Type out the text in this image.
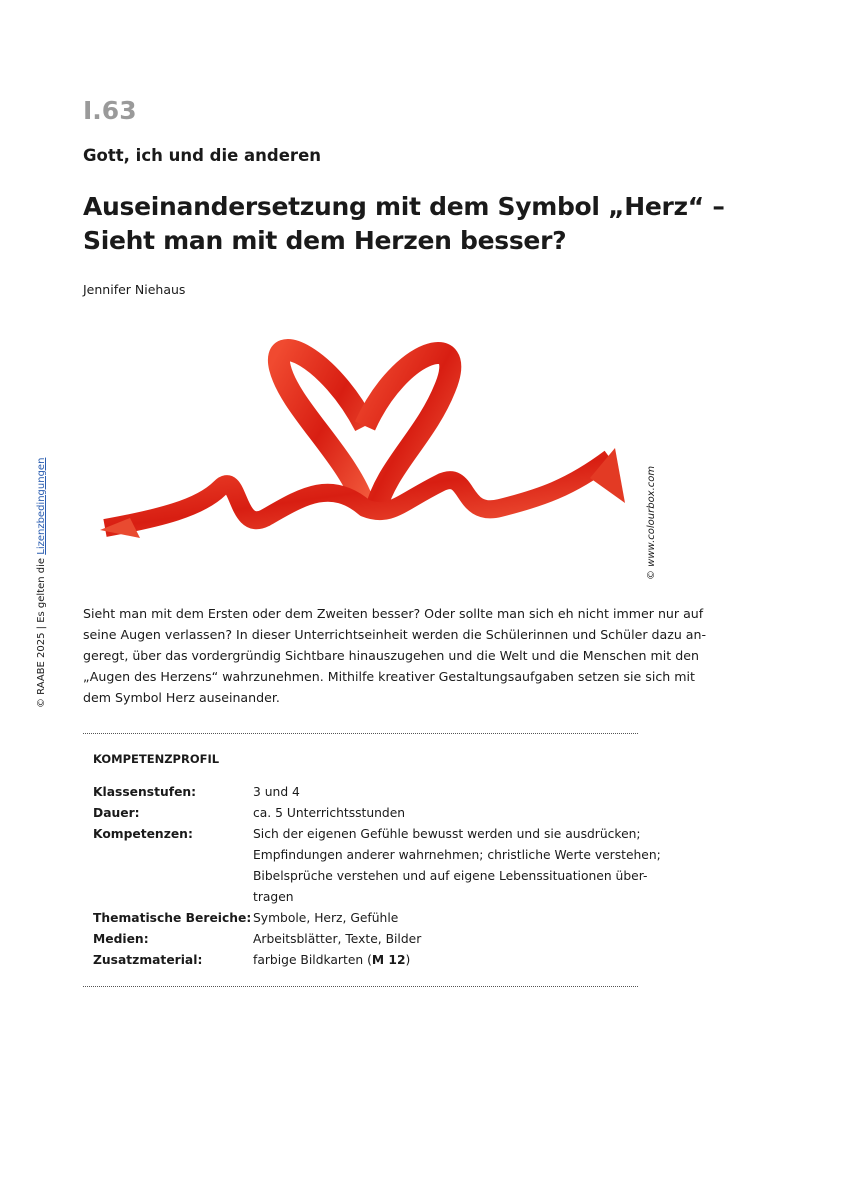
I.63
Gott, ich und die anderen
Auseinandersetzung mit dem Symbol „Herz“ –
Sieht man mit dem Herzen besser?
Jennifer Niehaus
© www.colourbox.com
© RAABE 2025 | Es gelten die Lizenzbedingungen
Sieht man mit dem Ersten oder dem Zweiten besser? Oder sollte man sich eh nicht immer nur auf
seine Augen verlassen? In dieser Unterrichtseinheit werden die Schülerinnen und Schüler dazu an-
geregt, über das vordergründig Sichtbare hinauszugehen und die Welt und die Menschen mit den
„Augen des Herzens“ wahrzunehmen. Mithilfe kreativer Gestaltungsaufgaben setzen sie sich mit
dem Symbol Herz auseinander.
KOMPETENZPROFIL
Klassenstufen:	3 und 4
Dauer:	ca. 5 Unterrichtsstunden
Kompetenzen:	Sich der eigenen Gefühle bewusst werden und sie ausdrücken;
Empfindungen anderer wahrnehmen; christliche Werte verstehen;
Bibelsprüche verstehen und auf eigene Lebenssituationen über-
tragen
Thematische Bereiche: Symbole, Herz, Gefühle
Medien:	Arbeitsblätter, Texte, Bilder
Zusatzmaterial:	farbige Bildkarten (M 12)
